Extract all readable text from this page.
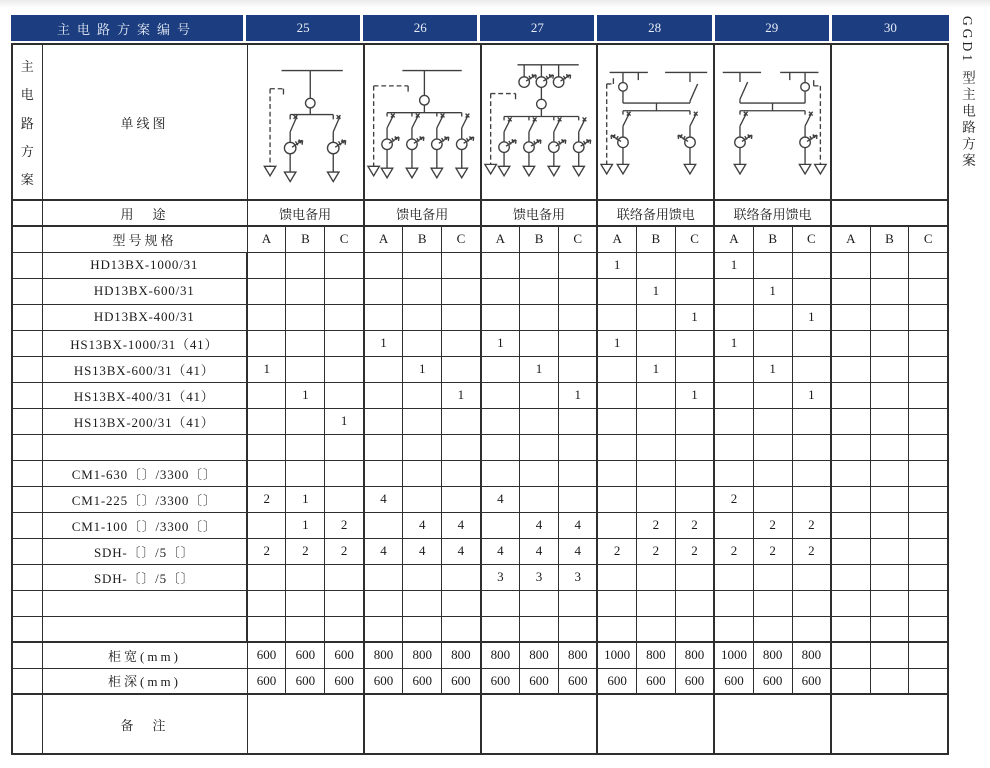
主电路方案编号	25	26	27	28	29	30
主
电
路
方
案	单线图	

	用　途	馈电备用			馈电备用			馈电备用			联络备用馈电			联络备用馈电					
	型号规格	A	B	C	A	B	C	A	B	C	A	B	C	A	B	C	A	B	C
	HD13BX-1000/31										1			1					
	HD13BX-600/31											1			1				
	HD13BX-400/31												1			1			
	HS13BX-1000/31（41）				1			1			1			1					
	HS13BX-600/31（41）	1				1			1			1			1				
	HS13BX-400/31（41）		1				1			1			1			1			
	HS13BX-200/31（41）			1															

	CM1-630〔〕/3300〔〕																		
	CM1-225〔〕/3300〔〕	2	1		4			4						2					
	CM1-100〔〕/3300〔〕		1	2		4	4		4	4		2	2		2	2			
	SDH-〔〕/5〔〕	2	2	2	4	4	4	4	4	4	2	2	2	2	2	2			
	SDH-〔〕/5〔〕							3	3	3									

	柜宽(mm)	600	600	600	800	800	800	800	800	800	1000	800	800	1000	800	800			
	柜深(mm)	600	600	600	600	600	600	600	600	600	600	600	600	600	600	600			
	备　注																		
GGD1 型主电路方案
